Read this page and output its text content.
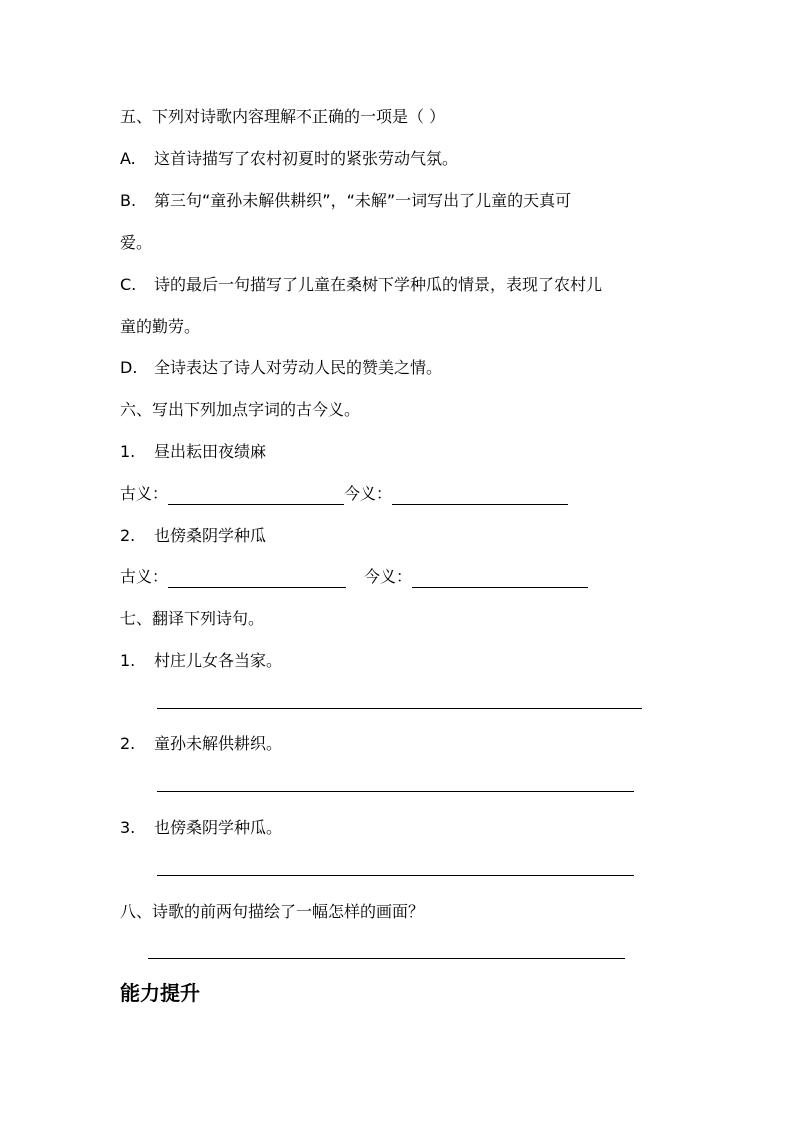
五、下列对诗歌内容理解不正确的一项是（ ）
A. 这首诗描写了农村初夏时的紧张劳动气氛。
B. 第三句“童孙未解供耕织”，“未解”一词写出了儿童的天真可
爱。
C. 诗的最后一句描写了儿童在桑树下学种瓜的情景，表现了农村儿
童的勤劳。
D. 全诗表达了诗人对劳动人民的赞美之情。
六、写出下列加点字词的古今义。
1. 昼出耘田夜绩麻
古义：	今义：
2. 也傍桑阴学种瓜
古义：	今义：
七、翻译下列诗句。
1. 村庄儿女各当家。
2. 童孙未解供耕织。
3. 也傍桑阴学种瓜。
八、诗歌的前两句描绘了一幅怎样的画面？
能力提升
